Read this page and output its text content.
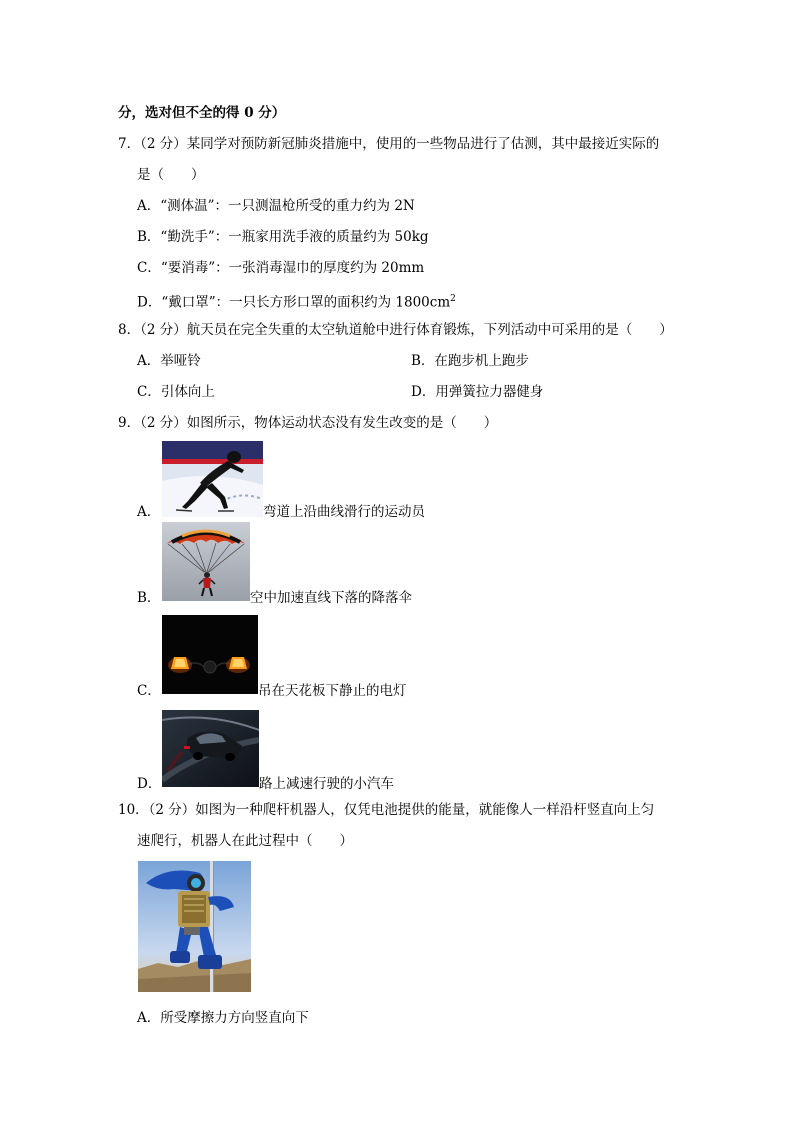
分，选对但不全的得 0 分）
7．（2 分）某同学对预防新冠肺炎措施中，使用的一些物品进行了估测，其中最接近实际的
是（　　）
A．“测体温”：一只测温枪所受的重力约为 2N
B．“勤洗手”：一瓶家用洗手液的质量约为 50kg
C．“要消毒”：一张消毒湿巾的厚度约为 20mm
D．“戴口罩”：一只长方形口罩的面积约为 $1800cm^2$
8．（2 分）航天员在完全失重的太空轨道舱中进行体育锻炼，下列活动中可采用的是（　　）
A．举哑铃	B．在跑步机上跑步
C．引体向上	D．用弹簧拉力器健身
9．（2 分）如图所示，物体运动状态没有发生改变的是（　　）
A．	弯道上沿曲线滑行的运动员
B．	空中加速直线下落的降落伞
C．	吊在天花板下静止的电灯
D．	路上减速行驶的小汽车
10．（2 分）如图为一种爬杆机器人，仅凭电池提供的能量，就能像人一样沿杆竖直向上匀
速爬行，机器人在此过程中（　　）
A．所受摩擦力方向竖直向下
